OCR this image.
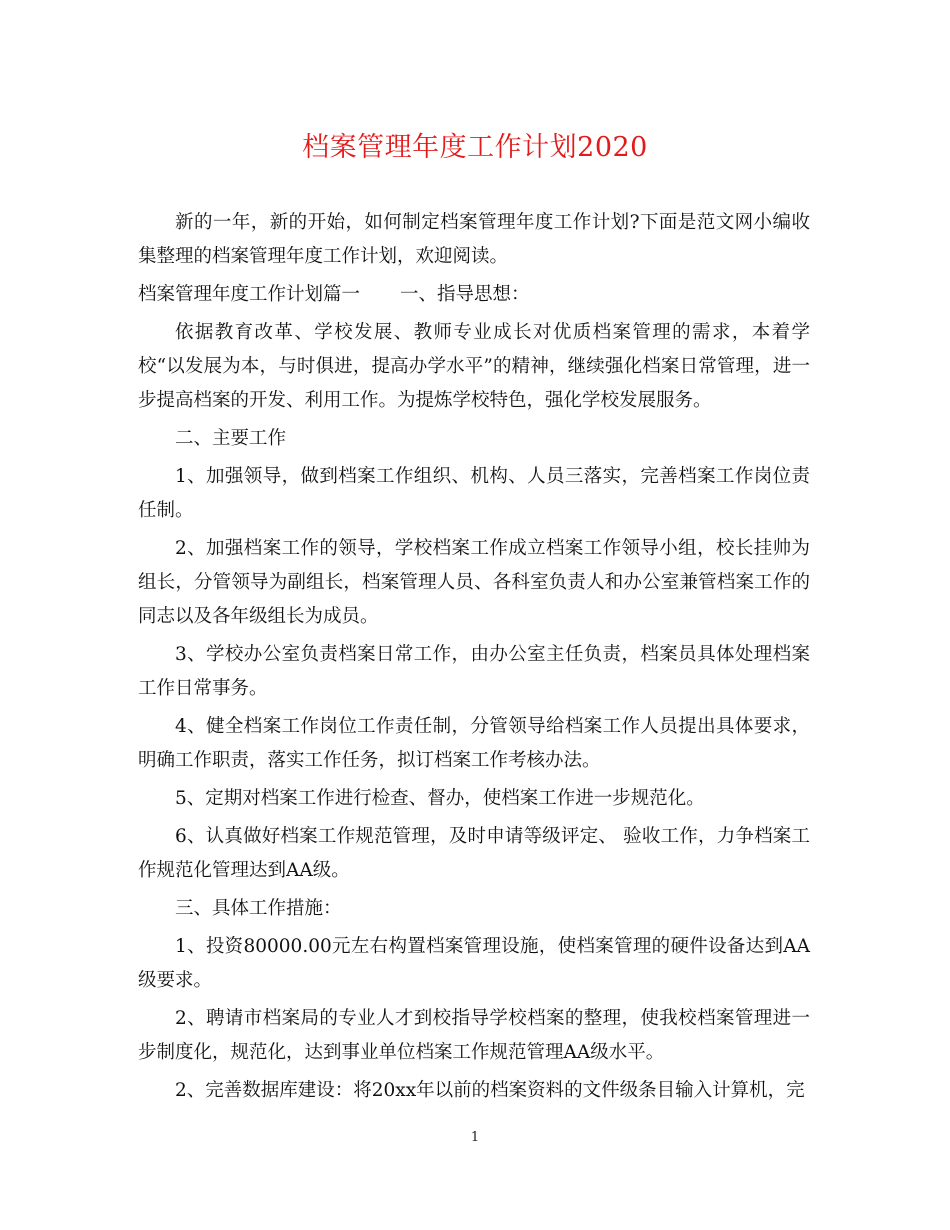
档案管理年度工作计划2020

新的一年，新的开始，如何制定档案管理年度工作计划?下面是范文网小编收集整理的档案管理年度工作计划，欢迎阅读。

档案管理年度工作计划篇一 一、指导思想：

依据教育改革、学校发展、教师专业成长对优质档案管理的需求，本着学校“以发展为本，与时俱进，提高办学水平”的精神，继续强化档案日常管理，进一步提高档案的开发、利用工作。为提炼学校特色，强化学校发展服务。

二、主要工作

1、加强领导，做到档案工作组织、机构、人员三落实，完善档案工作岗位责任制。

2、加强档案工作的领导，学校档案工作成立档案工作领导小组，校长挂帅为组长，分管领导为副组长，档案管理人员、各科室负责人和办公室兼管档案工作的同志以及各年级组长为成员。

3、学校办公室负责档案日常工作，由办公室主任负责，档案员具体处理档案工作日常事务。

4、健全档案工作岗位工作责任制，分管领导给档案工作人员提出具体要求，明确工作职责，落实工作任务，拟订档案工作考核办法。

5、定期对档案工作进行检查、督办，使档案工作进一步规范化。

6、认真做好档案工作规范管理，及时申请等级评定、 验收工作，力争档案工作规范化管理达到AA级。

三、具体工作措施：

1、投资80000.00元左右构置档案管理设施，使档案管理的硬件设备达到AA级要求。

2、聘请市档案局的专业人才到校指导学校档案的整理，使我校档案管理进一步制度化，规范化，达到事业单位档案工作规范管理AA级水平。

2、完善数据库建设：将20xx年以前的档案资料的文件级条目输入计算机，完

1
